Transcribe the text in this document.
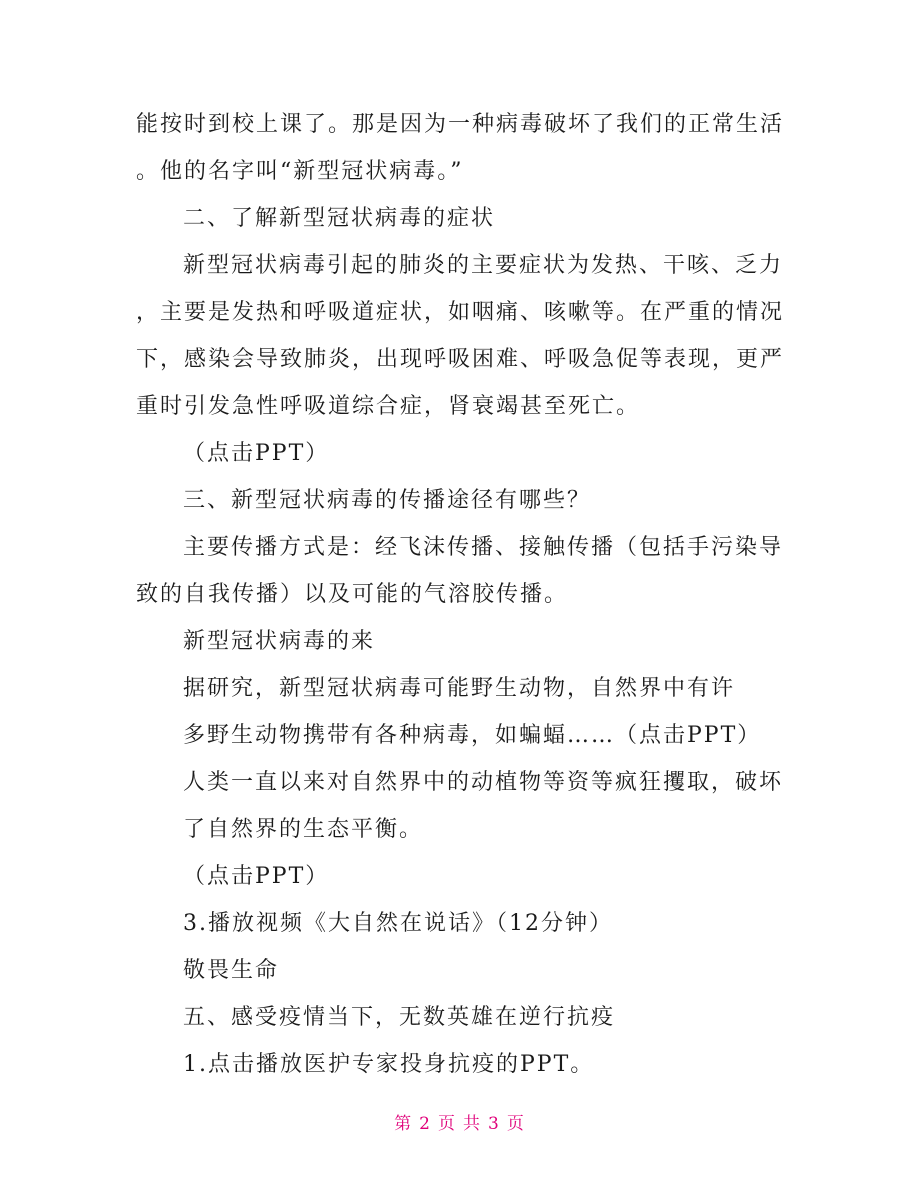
能按时到校上课了。那是因为一种病毒破坏了我们的正常生活
。他的名字叫“新型冠状病毒。”
二、了解新型冠状病毒的症状
新型冠状病毒引起的肺炎的主要症状为发热、干咳、乏力
，主要是发热和呼吸道症状，如咽痛、咳嗽等。在严重的情况
下，感染会导致肺炎，出现呼吸困难、呼吸急促等表现，更严
重时引发急性呼吸道综合症，肾衰竭甚至死亡。
（点击PPT）
三、新型冠状病毒的传播途径有哪些？
主要传播方式是：经飞沫传播、接触传播（包括手污染导
致的自我传播）以及可能的气溶胶传播。
新型冠状病毒的来
据研究，新型冠状病毒可能野生动物，自然界中有许
多野生动物携带有各种病毒，如蝙蝠……（点击PPT）
人类一直以来对自然界中的动植物等资等疯狂攫取，破坏
了自然界的生态平衡。
（点击PPT）
3.播放视频《大自然在说话》（12分钟）
敬畏生命
五、感受疫情当下，无数英雄在逆行抗疫
1.点击播放医护专家投身抗疫的PPT。
第 2 页 共 3 页
